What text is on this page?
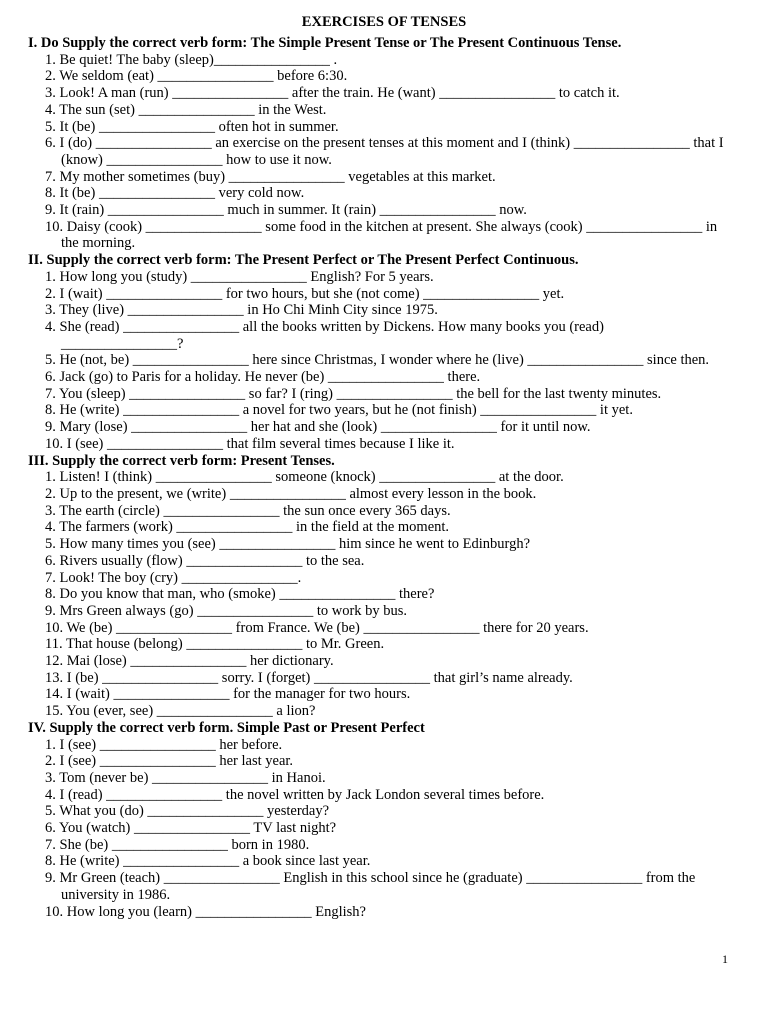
EXERCISES OF TENSES
I. Do Supply the correct verb form: The Simple Present Tense or The Present Continuous Tense.
1. Be quiet! The baby (sleep)________________ .
2. We seldom (eat) ________________ before 6:30.
3. Look! A man (run) ________________ after the train. He (want) ________________ to catch it.
4. The sun (set) ________________ in the West.
5. It (be) ________________ often hot in summer.
6. I (do) ________________ an exercise on the present tenses at this moment and I (think) ________________ that I (know) ________________ how to use it now.
7. My mother sometimes (buy) ________________ vegetables at this market.
8. It (be) ________________ very cold now.
9. It (rain) ________________ much in summer. It (rain) ________________ now.
10. Daisy (cook) ________________ some food in the kitchen at present. She always (cook) ________________ in the morning.
II. Supply the correct verb form: The Present Perfect or The Present Perfect Continuous.
1. How long you (study) ________________ English? For 5 years.
2. I (wait) ________________ for two hours, but she (not come) ________________ yet.
3. They (live) ________________ in Ho Chi Minh City since 1975.
4. She (read) ________________ all the books written by Dickens. How many books you (read) ________________?
5. He (not, be) ________________ here since Christmas, I wonder where he (live) ________________ since then.
6. Jack (go) to Paris for a holiday. He never (be) ________________ there.
7. You (sleep) ________________ so far? I (ring) ________________ the bell for the last twenty minutes.
8. He (write) ________________ a novel for two years, but he (not finish) ________________ it yet.
9. Mary (lose) ________________ her hat and she (look) ________________ for it until now.
10. I (see) ________________ that film several times because I like it.
III. Supply the correct verb form: Present Tenses.
1. Listen! I (think) ________________ someone (knock) ________________ at the door.
2. Up to the present, we (write) ________________ almost every lesson in the book.
3. The earth (circle) ________________ the sun once every 365 days.
4. The farmers (work) ________________ in the field at the moment.
5. How many times you (see) ________________ him since he went to Edinburgh?
6. Rivers usually (flow) ________________ to the sea.
7. Look! The boy (cry) ________________.
8. Do you know that man, who (smoke) ________________ there?
9. Mrs Green always (go) ________________ to work by bus.
10. We (be) ________________ from France. We (be) ________________ there for 20 years.
11. That house (belong) ________________ to Mr. Green.
12. Mai (lose) ________________ her dictionary.
13. I (be) ________________ sorry. I (forget) ________________ that girl’s name already.
14. I (wait) ________________ for the manager for two hours.
15. You (ever, see) ________________ a lion?
IV. Supply the correct verb form. Simple Past or Present Perfect
1. I (see) ________________ her before.
2. I (see) ________________ her last year.
3. Tom (never be) ________________ in Hanoi.
4. I (read) ________________ the novel written by Jack London several times before.
5. What you (do) ________________ yesterday?
6. You (watch) ________________ TV last night?
7. She (be) ________________ born in 1980.
8. He (write) ________________ a book since last year.
9. Mr Green (teach) ________________ English in this school since he (graduate) ________________ from the university in 1986.
10. How long you (learn) ________________ English?
1
